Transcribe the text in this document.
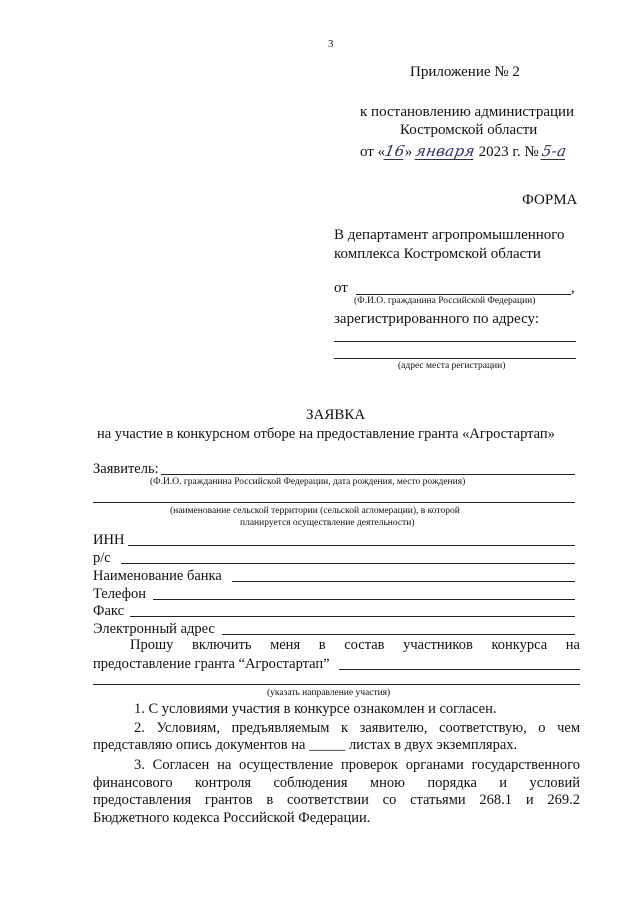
3
Приложение № 2
к постановлению администрации
Костромской области
от «16» января 2023 г. № 5-а
ФОРМА
В департамент агропромышленного
комплекса Костромской области
от	,
(Ф.И.О. гражданина Российской Федерации)
зарегистрированного по адресу:
(адрес места регистрации)
ЗАЯВКА
на участие в конкурсном отборе на предоставление гранта «Агростартап»
Заявитель:
(Ф.И.О. гражданина Российской Федерации, дата рождения, место рождения)
(наименование сельской территории (сельской агломерации), в которой
планируется осуществление деятельности)
ИНН
р/с
Наименование банка
Телефон
Факс
Электронный адрес
Прошу включить меня в состав участников конкурса на
предоставление гранта “Агростартап”
(указать направление участия)
1. С условиями участия в конкурсе ознакомлен и согласен.
2. Условиям, предъявляемым к заявителю, соответствую, о чем
представляю опись документов на _____ листах в двух экземплярах.
3. Согласен на осуществление проверок органами государственного
финансового контроля соблюдения мною порядка и условий
предоставления грантов в соответствии со статьями 268.1 и 269.2
Бюджетного кодекса Российской Федерации.
